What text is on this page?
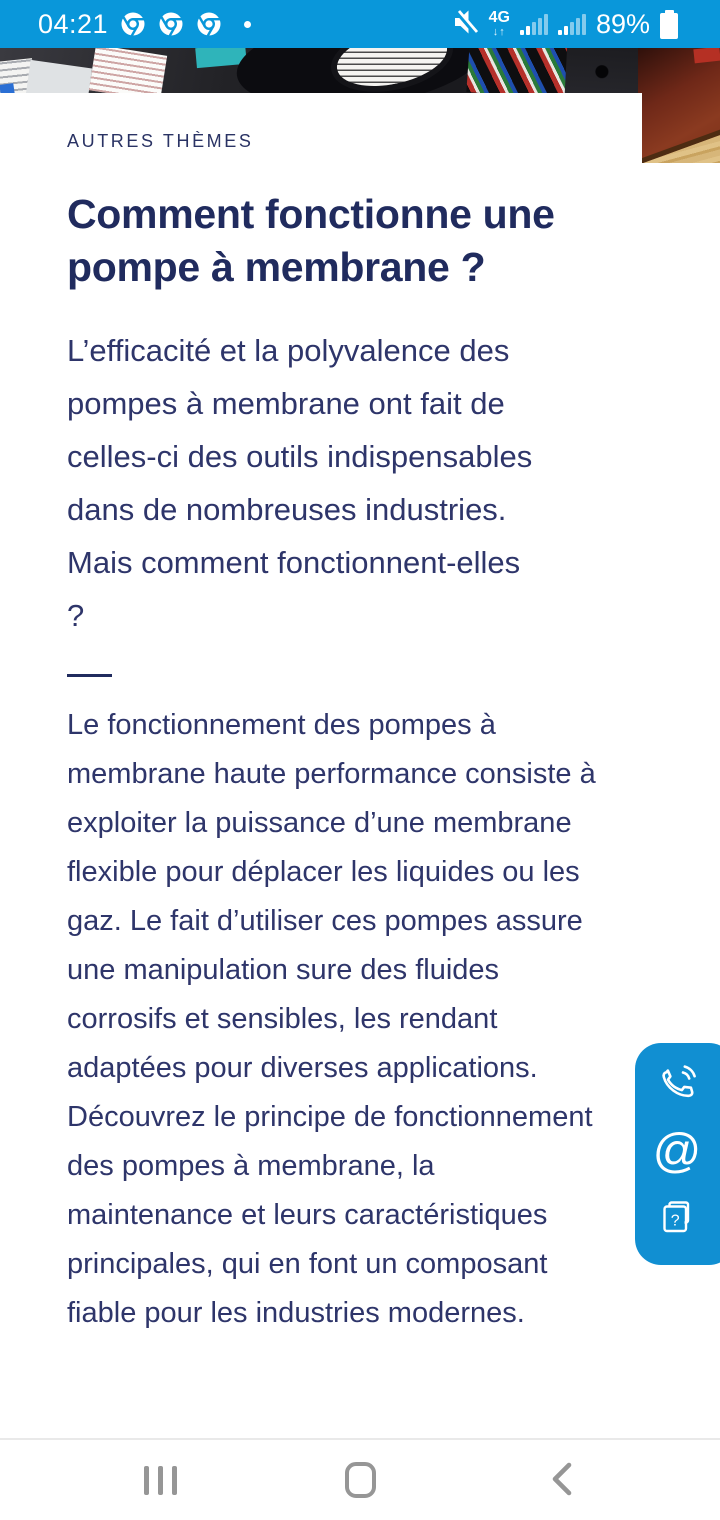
04:21	4G
↓↑	89%
AUTRES THÈMES
Comment fonctionne une
pompe à membrane ?
L’efficacité et la polyvalence des
pompes à membrane ont fait de
celles-ci des outils indispensables
dans de nombreuses industries.
Mais comment fonctionnent-elles
?
Le fonctionnement des pompes à
membrane haute performance consiste à
exploiter la puissance d’une membrane
flexible pour déplacer les liquides ou les
gaz. Le fait d’utiliser ces pompes assure
une manipulation sure des fluides
corrosifs et sensibles, les rendant
adaptées pour diverses applications.
Découvrez le principe de fonctionnement
des pompes à membrane, la
maintenance et leurs caractéristiques
principales, qui en font un composant
fiable pour les industries modernes.
@
?
